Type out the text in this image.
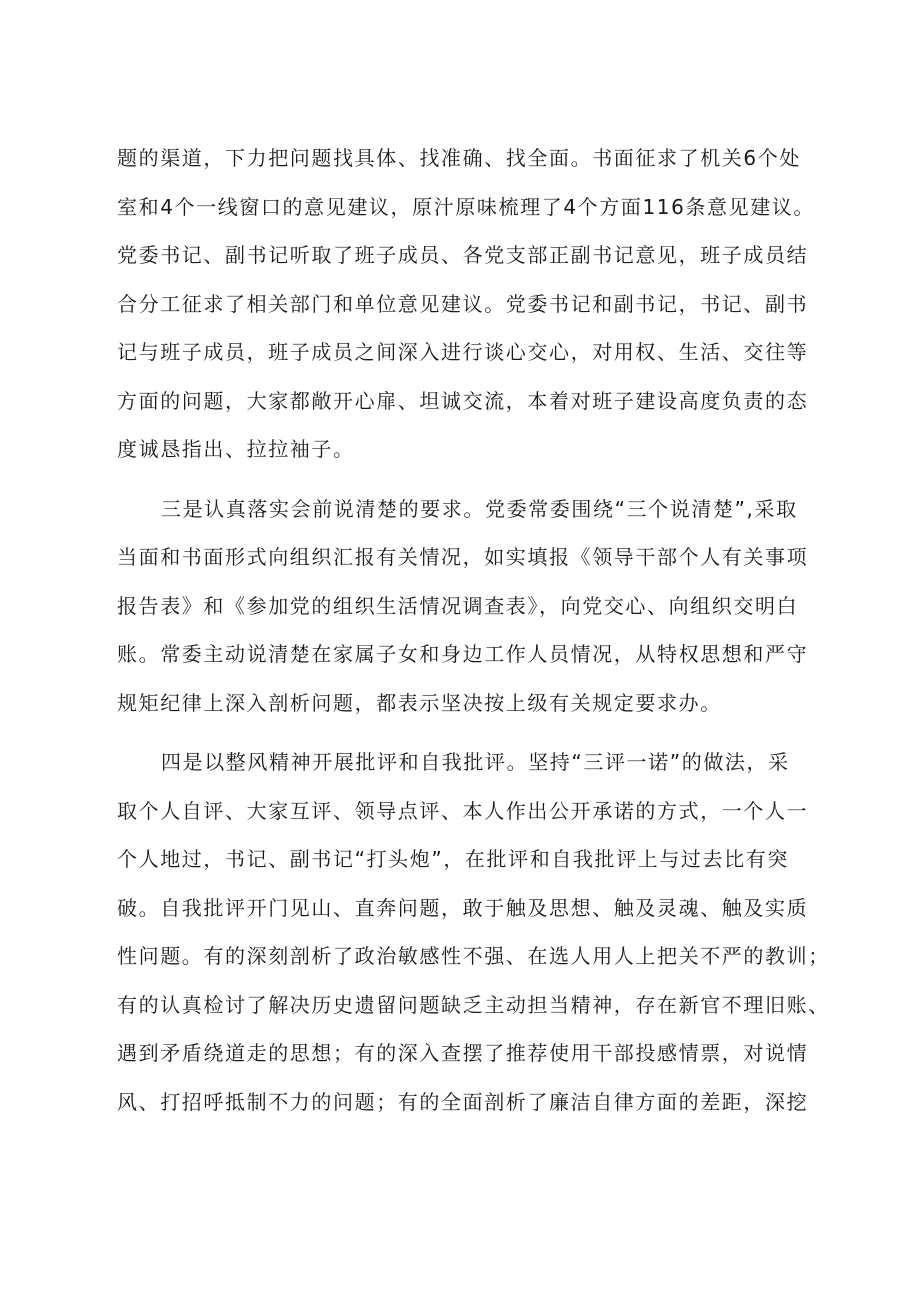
题的渠道，下力把问题找具体、找准确、找全面。书面征求了机关6个处
室和4个一线窗口的意见建议，原汁原味梳理了4个方面116条意见建议。
党委书记、副书记听取了班子成员、各党支部正副书记意见，班子成员结
合分工征求了相关部门和单位意见建议。党委书记和副书记，书记、副书
记与班子成员，班子成员之间深入进行谈心交心，对用权、生活、交往等
方面的问题，大家都敞开心扉、坦诚交流，本着对班子建设高度负责的态
度诚恳指出、拉拉袖子。
三是认真落实会前说清楚的要求。党委常委围绕“三个说清楚”,采取
当面和书面形式向组织汇报有关情况，如实填报《领导干部个人有关事项
报告表》和《参加党的组织生活情况调查表》，向党交心、向组织交明白
账。常委主动说清楚在家属子女和身边工作人员情况，从特权思想和严守
规矩纪律上深入剖析问题，都表示坚决按上级有关规定要求办。
四是以整风精神开展批评和自我批评。坚持“三评一诺”的做法，采
取个人自评、大家互评、领导点评、本人作出公开承诺的方式，一个人一
个人地过，书记、副书记“打头炮”，在批评和自我批评上与过去比有突
破。自我批评开门见山、直奔问题，敢于触及思想、触及灵魂、触及实质
性问题。有的深刻剖析了政治敏感性不强、在选人用人上把关不严的教训；
有的认真检讨了解决历史遗留问题缺乏主动担当精神，存在新官不理旧账、
遇到矛盾绕道走的思想；有的深入查摆了推荐使用干部投感情票，对说情
风、打招呼抵制不力的问题；有的全面剖析了廉洁自律方面的差距，深挖
